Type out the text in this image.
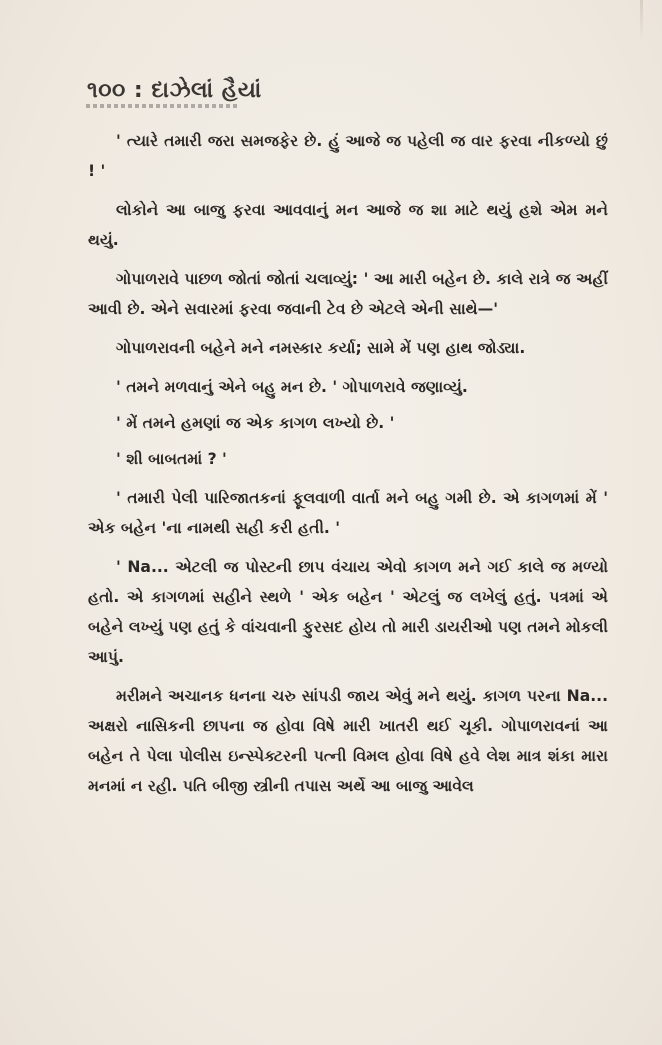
૧૦૦ : દાઝેલાં હૈયાં

' ત્યારે તમારી જરા સમજફેર છે. હું આજે જ પહેલી જ વાર ફરવા નીકળ્યો છું ! '

લોકોને આ બાજુ ફરવા આવવાનું મન આજે જ શા માટે થયું હશે એમ મને થયું.

ગોપાળરાવે પાછળ જોતાં જોતાં ચલાવ્યું: ' આ મારી બહેન છે. કાલે રાત્રે જ અહીં આવી છે. એને સવારમાં ફરવા જવાની ટેવ છે એટલે એની સાથે—'

ગોપાળરાવની બહેને મને નમસ્કાર કર્યા; સામે મેં પણ હાથ જોડ્યા.

' તમને મળવાનું એને બહુ મન છે. ' ગોપાળરાવે જણાવ્યું.

' મેં તમને હમણાં જ એક કાગળ લખ્યો છે. '

' શી બાબતમાં ? '

' તમારી પેલી પારિજાતકનાં ફૂલવાળી વાર્તા મને બહુ ગમી છે. એ કાગળમાં મેં ' એક બહેન 'ના નામથી સહી કરી હતી. '

' Na... એટલી જ પોસ્ટની છાપ વંચાય એવો કાગળ મને ગઈ કાલે જ મળ્યો હતો. એ કાગળમાં સહીને સ્થળે ' એક બહેન ' એટલું જ લખેલું હતું. પત્રમાં એ બહેને લખ્યું પણ હતું કે વાંચવાની ફુરસદ હોય તો મારી ડાયરીઓ પણ તમને મોકલી આપું.

મરીમને અચાનક ધનના ચરુ સાંપડી જાય એવું મને થયું. કાગળ પરના Na... અક્ષરો નાસિકની છાપના જ હોવા વિષે મારી ખાતરી થઈ ચૂકી. ગોપાળરાવનાં આ બહેન તે પેલા પોલીસ ઇન્સ્પેક્ટરની પત્ની વિમલ હોવા વિષે હવે લેશ માત્ર શંકા મારા મનમાં ન રહી. પતિ બીજી સ્ત્રીની તપાસ અર્થે આ બાજુ આવેલ
